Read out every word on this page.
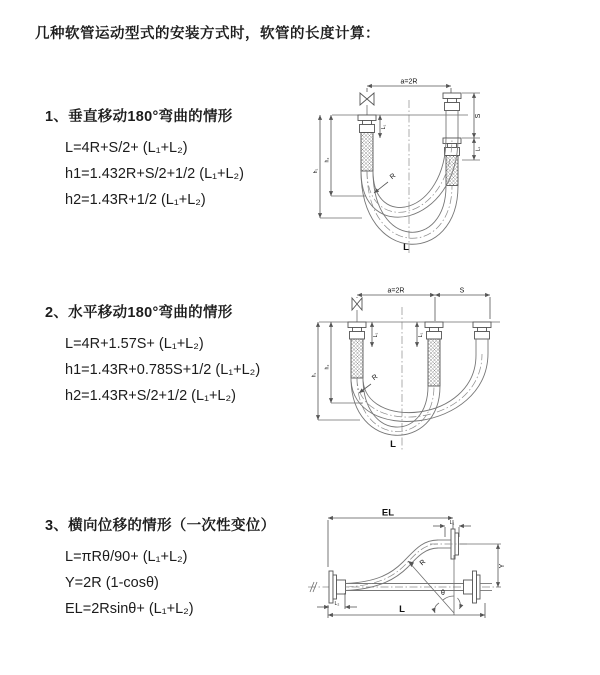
几种软管运动型式的安装方式时，软管的长度计算：
1、垂直移动180°弯曲的情形
L=4R+S/2+ (L₁+L₂)
h1=1.432R+S/2+1/2 (L₁+L₂)
h2=1.43R+1/2 (L₁+L₂)
2、水平移动180°弯曲的情形
L=4R+1.57S+ (L₁+L₂)
h1=1.43R+0.785S+1/2 (L₁+L₂)
h2=1.43R+S/2+1/2 (L₁+L₂)
3、横向位移的情形（一次性变位）
L=πRθ/90+ (L₁+L₂)
Y=2R (1-cosθ)
EL=2Rsinθ+ (L₁+L₂)
a=2R
h₁
h₂
L₁
S
L₁
R
L
a=2R	S
h₁
h₂
L₁	L₁
R
L
EL
L₁
θ
R	Y
L₂	L
